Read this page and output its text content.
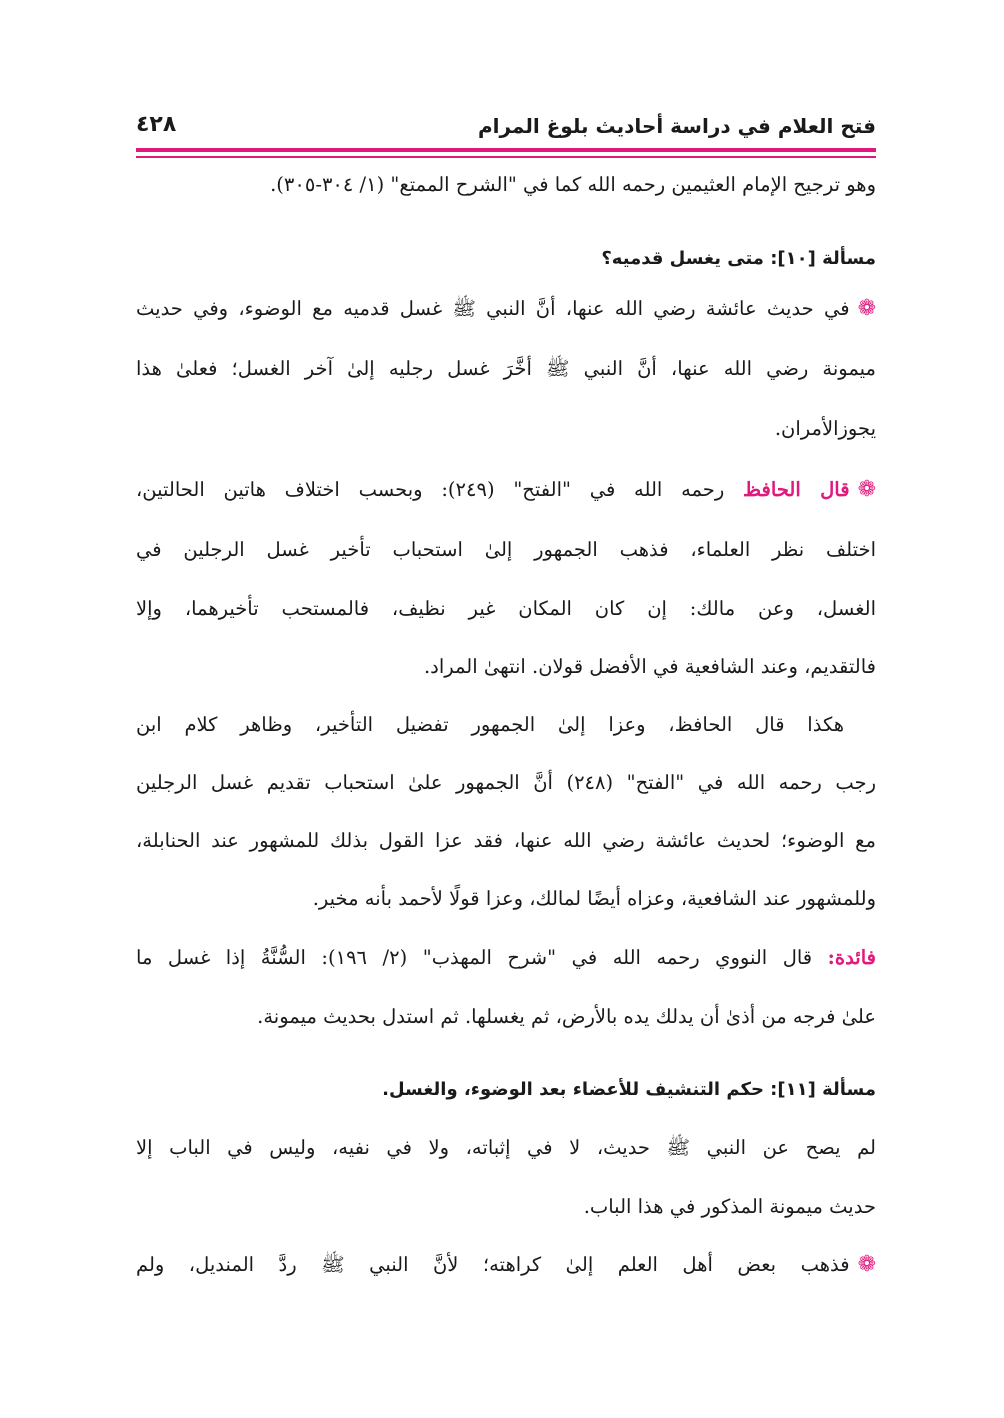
فتح العلام في دراسة أحاديث بلوغ المرام
٤٢٨
وهو ترجيح الإمام العثيمين رحمه الله كما في "الشرح الممتع" (١/ ٣٠٤-٣٠٥).
مسألة [١٠]: متى يغسل قدميه؟
❁في حديث عائشة رضي الله عنها، أنَّ النبي ﷺ غسل قدميه مع الوضوء، وفي حديث
ميمونة رضي الله عنها، أنَّ النبي ﷺ أخَّرَ غسل رجليه إلىٰ آخر الغسل؛ فعلىٰ هذا
يجوزالأمران.
❁قال الحافظ رحمه الله في "الفتح" (٢٤٩): وبحسب اختلاف هاتين الحالتين،
اختلف نظر العلماء، فذهب الجمهور إلىٰ استحباب تأخير غسل الرجلين في
الغسل، وعن مالك: إن كان المكان غير نظيف، فالمستحب تأخيرهما، وإلا
فالتقديم، وعند الشافعية في الأفضل قولان. انتهىٰ المراد.
هكذا قال الحافظ، وعزا إلىٰ الجمهور تفضيل التأخير، وظاهر كلام ابن
رجب رحمه الله في "الفتح" (٢٤٨) أنَّ الجمهور علىٰ استحباب تقديم غسل الرجلين
مع الوضوء؛ لحديث عائشة رضي الله عنها، فقد عزا القول بذلك للمشهور عند الحنابلة،
وللمشهور عند الشافعية، وعزاه أيضًا لمالك، وعزا قولًا لأحمد بأنه مخير.
فائدة: قال النووي رحمه الله في "شرح المهذب" (٢/ ١٩٦): السُّنَّةُ إذا غسل ما
علىٰ فرجه من أذىٰ أن يدلك يده بالأرض، ثم يغسلها. ثم استدل بحديث ميمونة.
مسألة [١١]: حكم التنشيف للأعضاء بعد الوضوء، والغسل.
لم يصح عن النبي ﷺ حديث، لا في إثباته، ولا في نفيه، وليس في الباب إلا
حديث ميمونة المذكور في هذا الباب.
❁فذهب بعض أهل العلم إلىٰ كراهته؛ لأنَّ النبي ﷺ ردَّ المنديل، ولم
